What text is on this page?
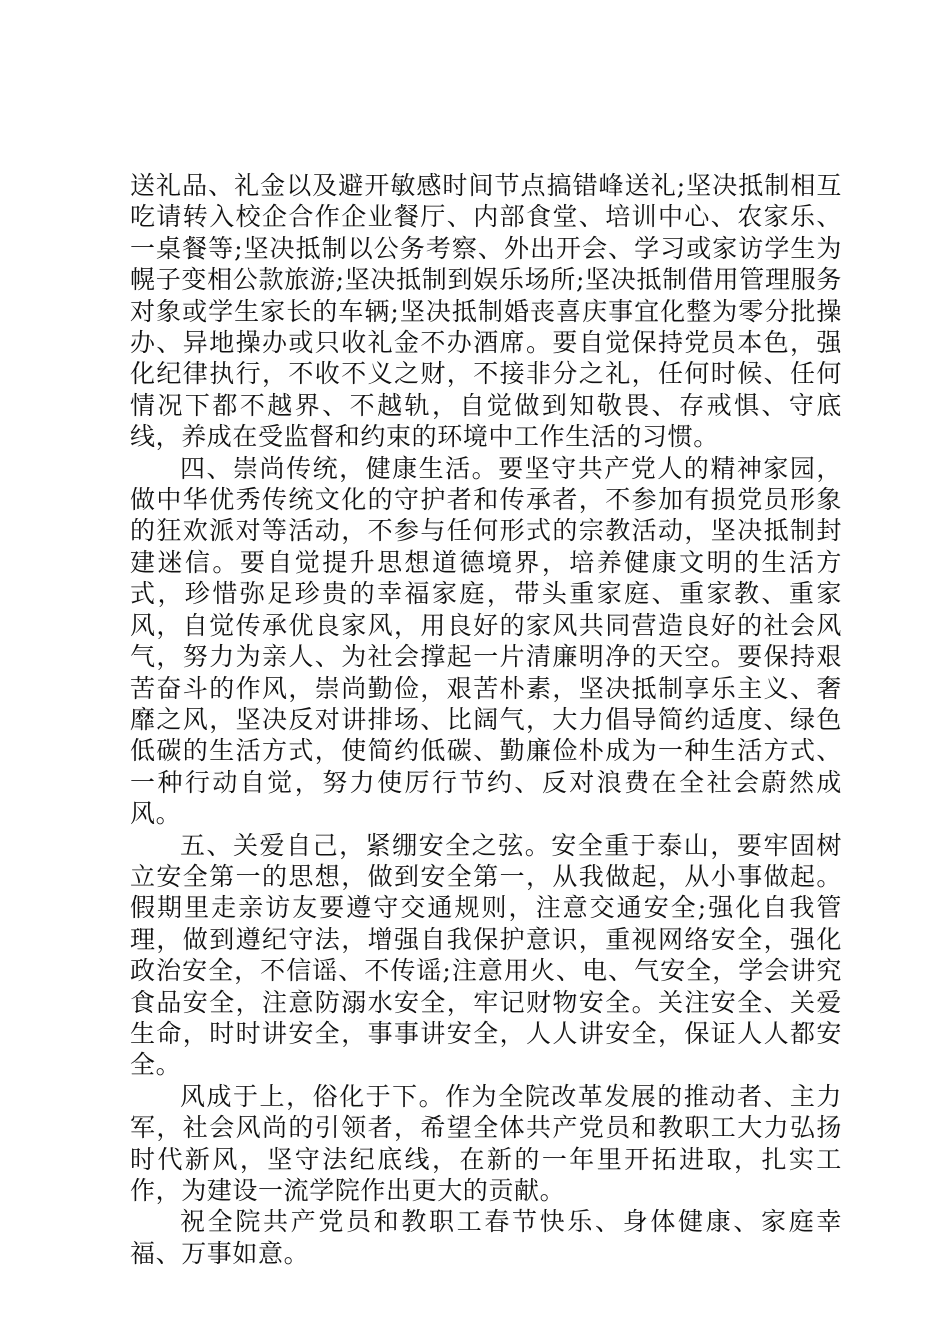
送礼品、礼金以及避开敏感时间节点搞错峰送礼;坚决抵制相互吃请转入校企合作企业餐厅、内部食堂、培训中心、农家乐、一桌餐等;坚决抵制以公务考察、外出开会、学习或家访学生为幌子变相公款旅游;坚决抵制到娱乐场所;坚决抵制借用管理服务对象或学生家长的车辆;坚决抵制婚丧喜庆事宜化整为零分批操办、异地操办或只收礼金不办酒席。要自觉保持党员本色，强化纪律执行，不收不义之财，不接非分之礼，任何时候、任何情况下都不越界、不越轨，自觉做到知敬畏、存戒惧、守底线，养成在受监督和约束的环境中工作生活的习惯。

四、崇尚传统，健康生活。要坚守共产党人的精神家园，做中华优秀传统文化的守护者和传承者，不参加有损党员形象的狂欢派对等活动，不参与任何形式的宗教活动，坚决抵制封建迷信。要自觉提升思想道德境界，培养健康文明的生活方式，珍惜弥足珍贵的幸福家庭，带头重家庭、重家教、重家风，自觉传承优良家风，用良好的家风共同营造良好的社会风气，努力为亲人、为社会撑起一片清廉明净的天空。要保持艰苦奋斗的作风，崇尚勤俭，艰苦朴素，坚决抵制享乐主义、奢靡之风，坚决反对讲排场、比阔气，大力倡导简约适度、绿色低碳的生活方式，使简约低碳、勤廉俭朴成为一种生活方式、一种行动自觉，努力使厉行节约、反对浪费在全社会蔚然成风。

五、关爱自己，紧绷安全之弦。安全重于泰山，要牢固树立安全第一的思想，做到安全第一，从我做起，从小事做起。假期里走亲访友要遵守交通规则，注意交通安全;强化自我管理，做到遵纪守法，增强自我保护意识，重视网络安全，强化政治安全，不信谣、不传谣;注意用火、电、气安全，学会讲究食品安全，注意防溺水安全，牢记财物安全。关注安全、关爱生命，时时讲安全，事事讲安全，人人讲安全，保证人人都安全。

风成于上，俗化于下。作为全院改革发展的推动者、主力军，社会风尚的引领者，希望全体共产党员和教职工大力弘扬时代新风，坚守法纪底线，在新的一年里开拓进取，扎实工作，为建设一流学院作出更大的贡献。

祝全院共产党员和教职工春节快乐、身体健康、家庭幸福、万事如意。
